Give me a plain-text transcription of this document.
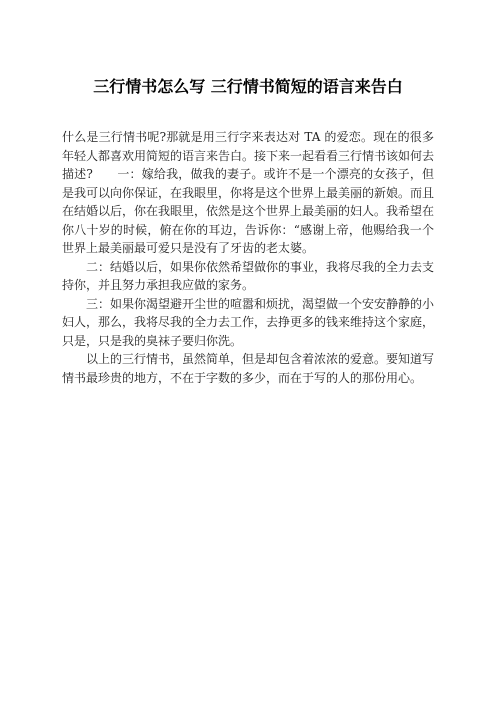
三行情书怎么写 三行情书简短的语言来告白

什么是三行情书呢?那就是用三行字来表达对 TA 的爱恋。现在的很多年轻人都喜欢用简短的语言来告白。接下来一起看看三行情书该如何去描述?　　一：嫁给我，做我的妻子。或许不是一个漂亮的女孩子，但是我可以向你保证，在我眼里，你将是这个世界上最美丽的新娘。而且在结婚以后，你在我眼里，依然是这个世界上最美丽的妇人。我希望在你八十岁的时候，俯在你的耳边，告诉你：“感谢上帝，他赐给我一个世界上最美丽最可爱只是没有了牙齿的老太婆。

二：结婚以后，如果你依然希望做你的事业，我将尽我的全力去支持你，并且努力承担我应做的家务。

三：如果你渴望避开尘世的喧嚣和烦扰，渴望做一个安安静静的小妇人，那么，我将尽我的全力去工作，去挣更多的钱来维持这个家庭，只是，只是我的臭袜子要归你洗。

以上的三行情书，虽然简单，但是却包含着浓浓的爱意。要知道写情书最珍贵的地方，不在于字数的多少，而在于写的人的那份用心。
